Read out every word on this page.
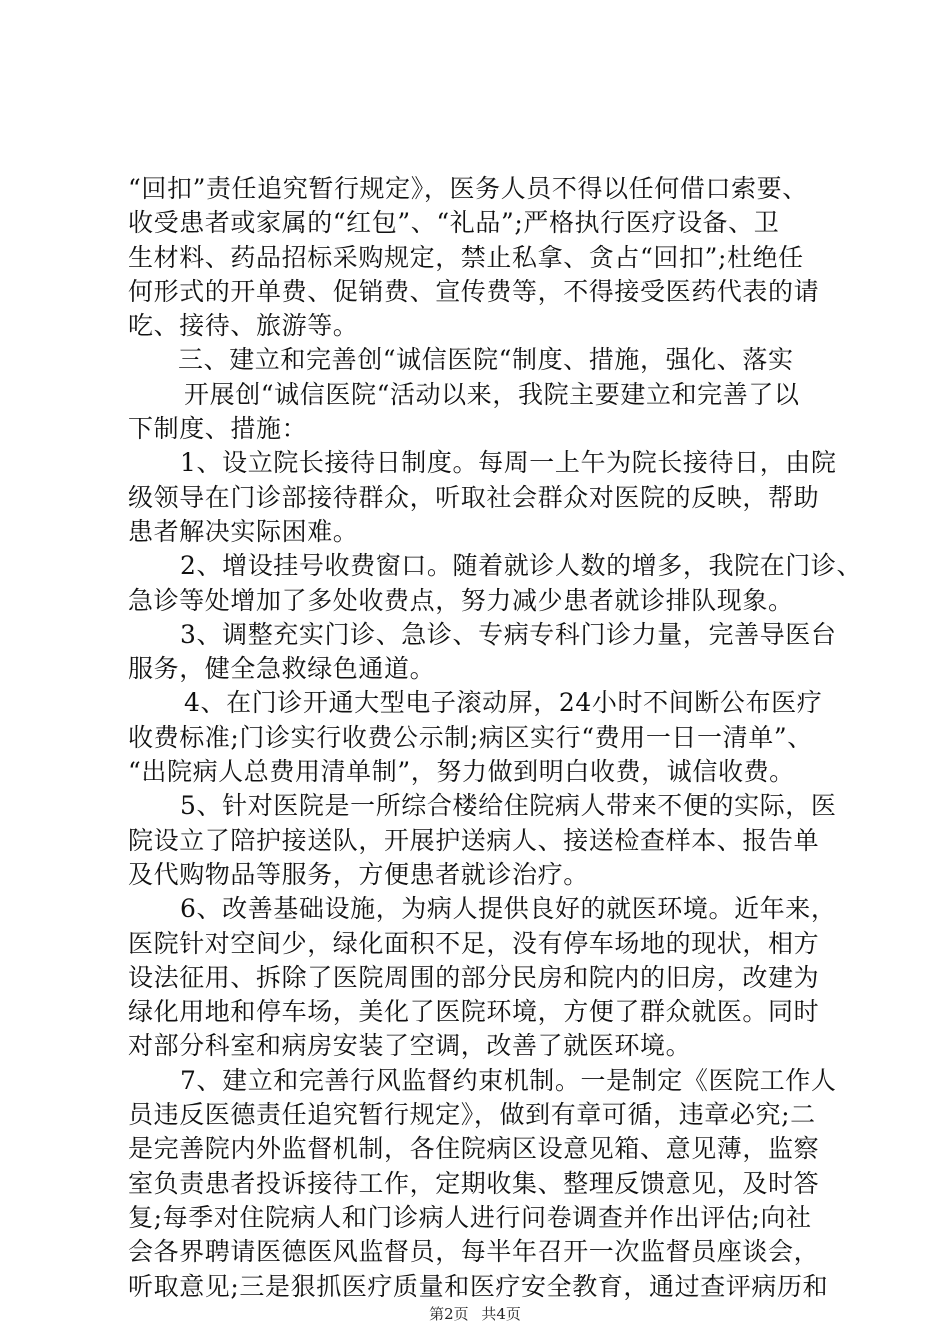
“回扣”责任追究暂行规定》，医务人员不得以任何借口索要、
收受患者或家属的“红包”、“礼品”;严格执行医疗设备、卫
生材料、药品招标采购规定，禁止私拿、贪占“回扣”;杜绝任
何形式的开单费、促销费、宣传费等，不得接受医药代表的请
吃、接待、旅游等。
三、建立和完善创“诚信医院“制度、措施，强化、落实
开展创“诚信医院“活动以来，我院主要建立和完善了以
下制度、措施：
1、设立院长接待日制度。每周一上午为院长接待日，由院
级领导在门诊部接待群众，听取社会群众对医院的反映，帮助
患者解决实际困难。
2、增设挂号收费窗口。随着就诊人数的增多，我院在门诊、
急诊等处增加了多处收费点，努力减少患者就诊排队现象。
3、调整充实门诊、急诊、专病专科门诊力量，完善导医台
服务，健全急救绿色通道。
4、在门诊开通大型电子滚动屏，24小时不间断公布医疗
收费标准;门诊实行收费公示制;病区实行“费用一日一清单”、
“出院病人总费用清单制”，努力做到明白收费，诚信收费。
5、针对医院是一所综合楼给住院病人带来不便的实际，医
院设立了陪护接送队，开展护送病人、接送检查样本、报告单
及代购物品等服务，方便患者就诊治疗。
6、改善基础设施，为病人提供良好的就医环境。近年来，
医院针对空间少，绿化面积不足，没有停车场地的现状，相方
设法征用、拆除了医院周围的部分民房和院内的旧房，改建为
绿化用地和停车场，美化了医院环境，方便了群众就医。同时
对部分科室和病房安装了空调，改善了就医环境。
7、建立和完善行风监督约束机制。一是制定《医院工作人
员违反医德责任追究暂行规定》，做到有章可循，违章必究;二
是完善院内外监督机制，各住院病区设意见箱、意见薄，监察
室负责患者投诉接待工作，定期收集、整理反馈意见，及时答
复;每季对住院病人和门诊病人进行问卷调查并作出评估;向社
会各界聘请医德医风监督员，每半年召开一次监督员座谈会，
听取意见;三是狠抓医疗质量和医疗安全教育，通过查评病历和
第2页 共4页
